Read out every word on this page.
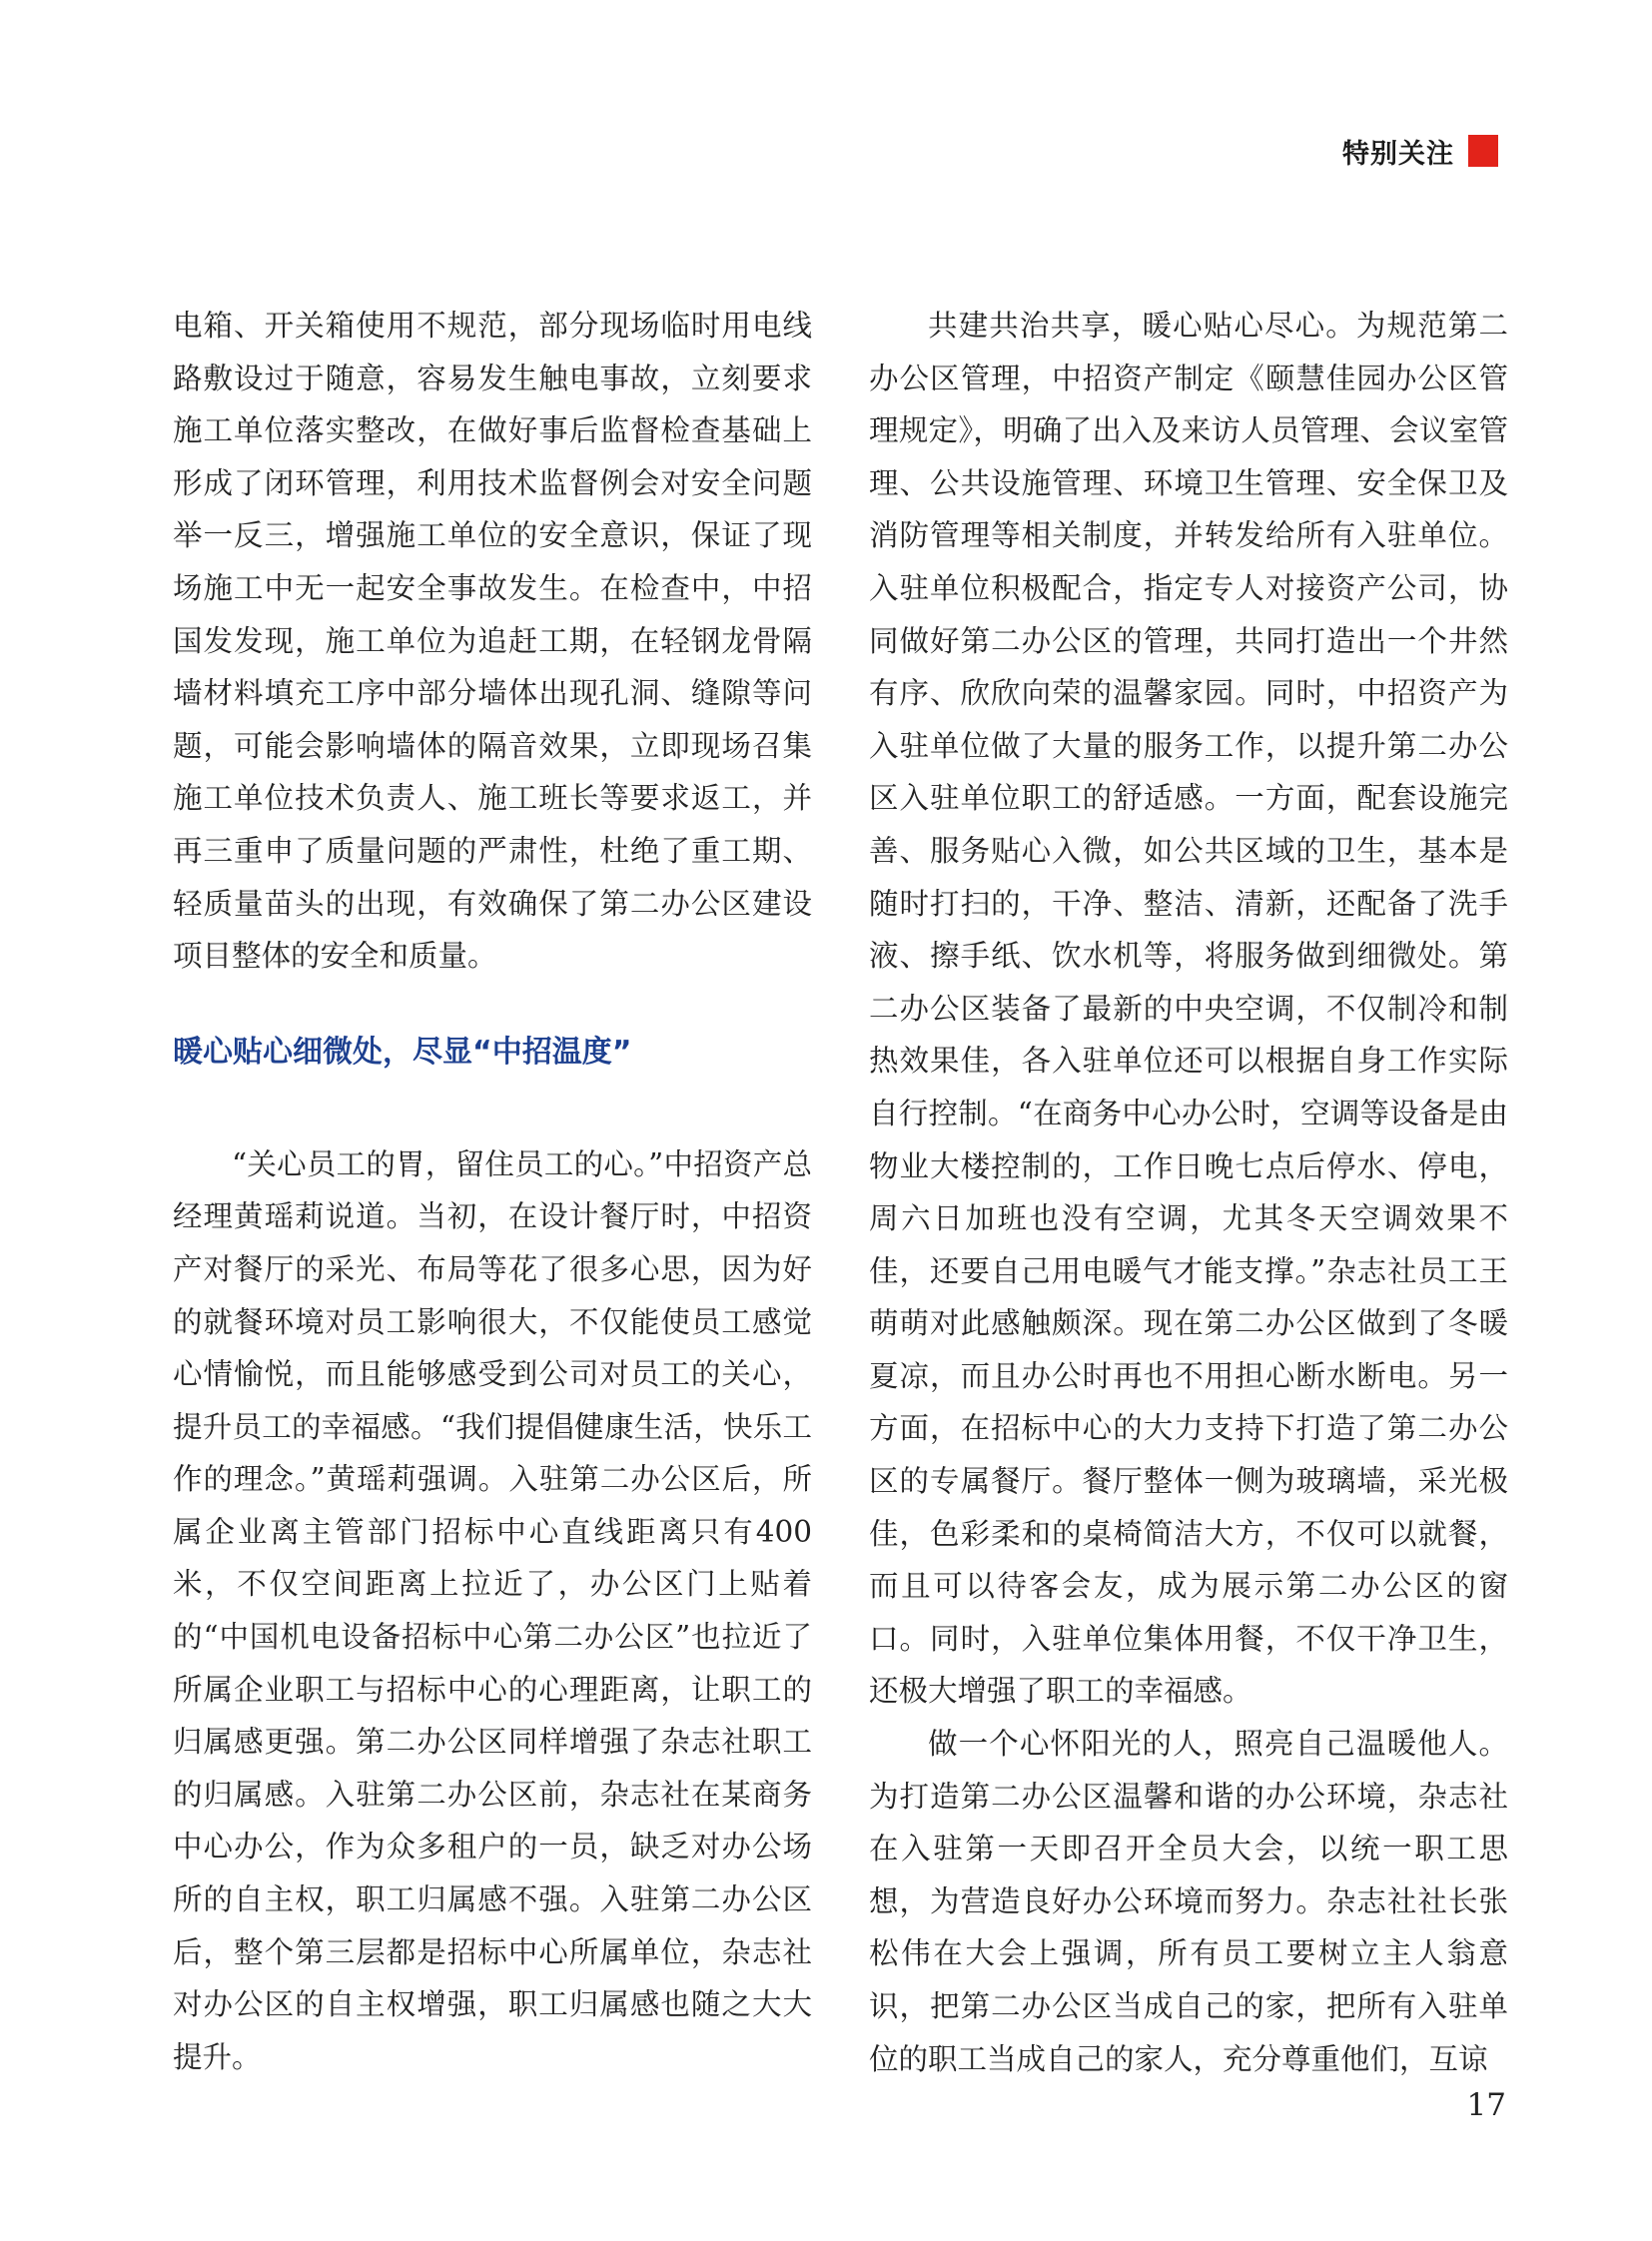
特别关注

电箱、开关箱使用不规范，部分现场临时用电线路敷设过于随意，容易发生触电事故，立刻要求施工单位落实整改，在做好事后监督检查基础上形成了闭环管理，利用技术监督例会对安全问题举一反三，增强施工单位的安全意识，保证了现场施工中无一起安全事故发生。在检查中，中招国发发现，施工单位为追赶工期，在轻钢龙骨隔墙材料填充工序中部分墙体出现孔洞、缝隙等问题，可能会影响墙体的隔音效果，立即现场召集施工单位技术负责人、施工班长等要求返工，并再三重申了质量问题的严肃性，杜绝了重工期、轻质量苗头的出现，有效确保了第二办公区建设项目整体的安全和质量。

暖心贴心细微处，尽显“中招温度”

“关心员工的胃，留住员工的心。”中招资产总经理黄瑶莉说道。当初，在设计餐厅时，中招资产对餐厅的采光、布局等花了很多心思，因为好的就餐环境对员工影响很大，不仅能使员工感觉心情愉悦，而且能够感受到公司对员工的关心，提升员工的幸福感。“我们提倡健康生活，快乐工作的理念。”黄瑶莉强调。入驻第二办公区后，所属企业离主管部门招标中心直线距离只有400米，不仅空间距离上拉近了，办公区门上贴着的“中国机电设备招标中心第二办公区”也拉近了所属企业职工与招标中心的心理距离，让职工的归属感更强。第二办公区同样增强了杂志社职工的归属感。入驻第二办公区前，杂志社在某商务中心办公，作为众多租户的一员，缺乏对办公场所的自主权，职工归属感不强。入驻第二办公区后，整个第三层都是招标中心所属单位，杂志社对办公区的自主权增强，职工归属感也随之大大提升。

共建共治共享，暖心贴心尽心。为规范第二办公区管理，中招资产制定《颐慧佳园办公区管理规定》，明确了出入及来访人员管理、会议室管理、公共设施管理、环境卫生管理、安全保卫及消防管理等相关制度，并转发给所有入驻单位。入驻单位积极配合，指定专人对接资产公司，协同做好第二办公区的管理，共同打造出一个井然有序、欣欣向荣的温馨家园。同时，中招资产为入驻单位做了大量的服务工作，以提升第二办公区入驻单位职工的舒适感。一方面，配套设施完善、服务贴心入微，如公共区域的卫生，基本是随时打扫的，干净、整洁、清新，还配备了洗手液、擦手纸、饮水机等，将服务做到细微处。第二办公区装备了最新的中央空调，不仅制冷和制热效果佳，各入驻单位还可以根据自身工作实际自行控制。“在商务中心办公时，空调等设备是由物业大楼控制的，工作日晚七点后停水、停电，周六日加班也没有空调，尤其冬天空调效果不佳，还要自己用电暖气才能支撑。”杂志社员工王萌萌对此感触颇深。现在第二办公区做到了冬暖夏凉，而且办公时再也不用担心断水断电。另一方面，在招标中心的大力支持下打造了第二办公区的专属餐厅。餐厅整体一侧为玻璃墙，采光极佳，色彩柔和的桌椅简洁大方，不仅可以就餐，而且可以待客会友，成为展示第二办公区的窗口。同时，入驻单位集体用餐，不仅干净卫生，还极大增强了职工的幸福感。

做一个心怀阳光的人，照亮自己温暖他人。为打造第二办公区温馨和谐的办公环境，杂志社在入驻第一天即召开全员大会，以统一职工思想，为营造良好办公环境而努力。杂志社社长张松伟在大会上强调，所有员工要树立主人翁意识，把第二办公区当成自己的家，把所有入驻单位的职工当成自己的家人，充分尊重他们，互谅

17
